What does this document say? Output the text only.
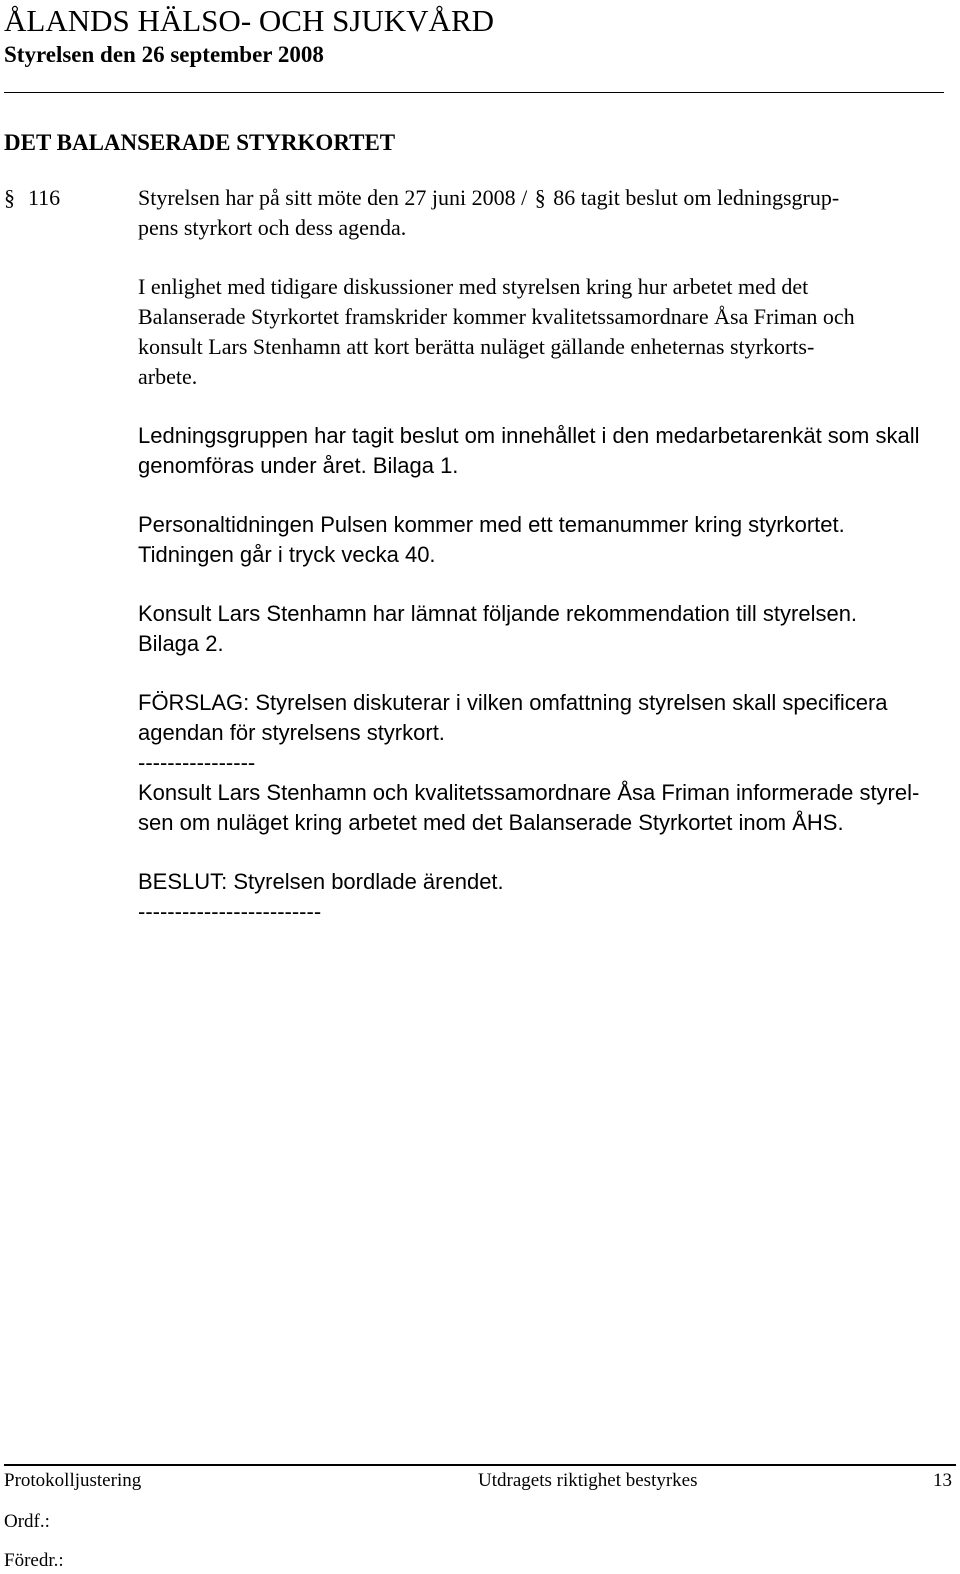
ÅLANDS HÄLSO- OCH SJUKVÅRD
Styrelsen den 26 september 2008
DET BALANSERADE STYRKORTET
§ 116	Styrelsen har på sitt möte den 27 juni 2008 / § 86 tagit beslut om ledningsgrup-
pens styrkort och dess agenda.

I enlighet med tidigare diskussioner med styrelsen kring hur arbetet med det
Balanserade Styrkortet framskrider kommer kvalitetssamordnare Åsa Friman och
konsult Lars Stenhamn att kort berätta nuläget gällande enheternas styrkorts-
arbete.

Ledningsgruppen har tagit beslut om innehållet i den medarbetarenkät som skall
genomföras under året. Bilaga 1.

Personaltidningen Pulsen kommer med ett temanummer kring styrkortet.
Tidningen går i tryck vecka 40.

Konsult Lars Stenhamn har lämnat följande rekommendation till styrelsen.
Bilaga 2.

FÖRSLAG: Styrelsen diskuterar i vilken omfattning styrelsen skall specificera
agendan för styrelsens styrkort.
----------------
Konsult Lars Stenhamn och kvalitetssamordnare Åsa Friman informerade styrel-
sen om nuläget kring arbetet med det Balanserade Styrkortet inom ÅHS.

BESLUT: Styrelsen bordlade ärendet.
-------------------------

Protokolljustering	Utdragets riktighet bestyrkes	13
Ordf.:
Föredr.:
